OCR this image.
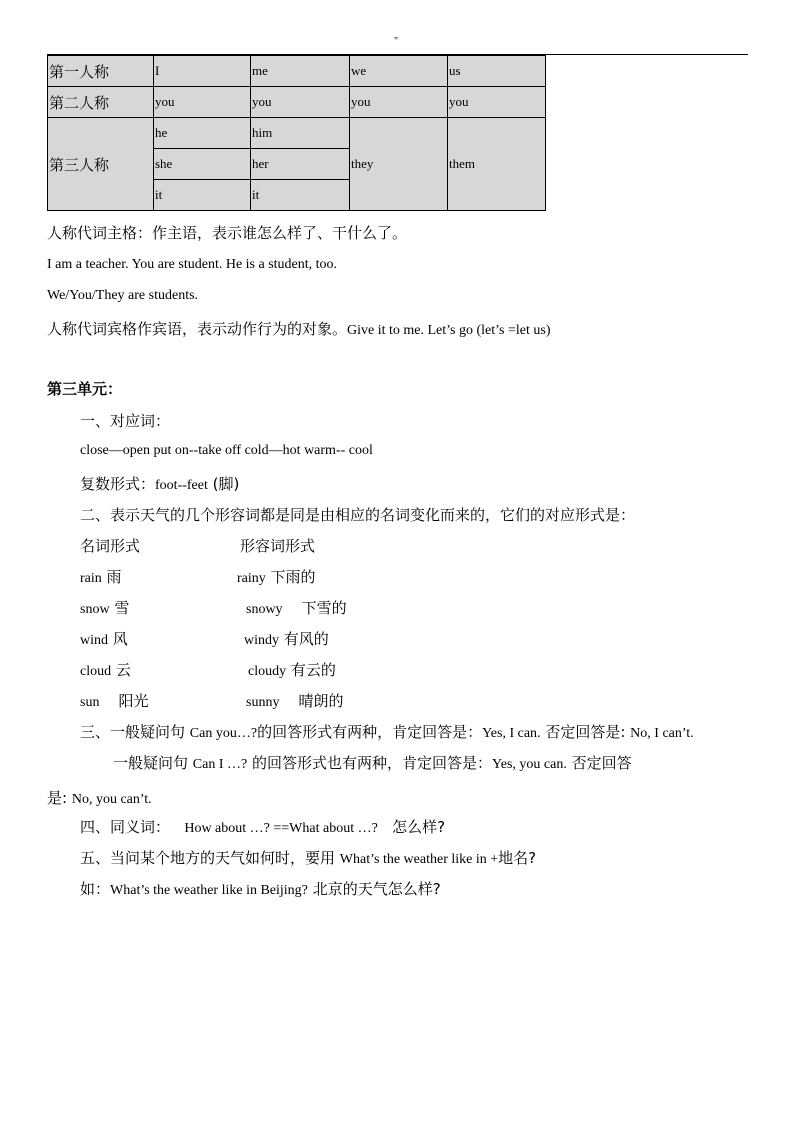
"
第一人称	I	me	we	us
第二人称	you	you	you	you
第三人称	he	him	they	them
	she	her		
	it	it		
人称代词主格：作主语，表示谁怎么样了、干什么了。
I am a teacher. You are student. He is a student, too.
We/You/They are students.
人称代词宾格作宾语，表示动作行为的对象。Give it to me. Let’s go (let’s =let us)
第三单元：
一、对应词：
close—open put on--take off cold—hot warm-- cool
复数形式：foot--feet (脚)
二、表示天气的几个形容词都是同是由相应的名词变化而来的，它们的对应形式是：
名词形式	形容词形式
rain 雨	rainy 下雨的
snow 雪	snowy 下雪的
wind 风	windy 有风的
cloud 云	cloudy 有云的
sun 阳光	sunny 晴朗的
三、一般疑问句 Can you…?的回答形式有两种，肯定回答是：Yes, I can. 否定回答是: No, I can’t.
一般疑问句 Can I …? 的回答形式也有两种，肯定回答是：Yes, you can. 否定回答
是: No, you can’t.
四、同义词： How about …? ==What about …? 怎么样?
五、当问某个地方的天气如何时，要用 What’s the weather like in +地名?
如：What’s the weather like in Beijing? 北京的天气怎么样?
